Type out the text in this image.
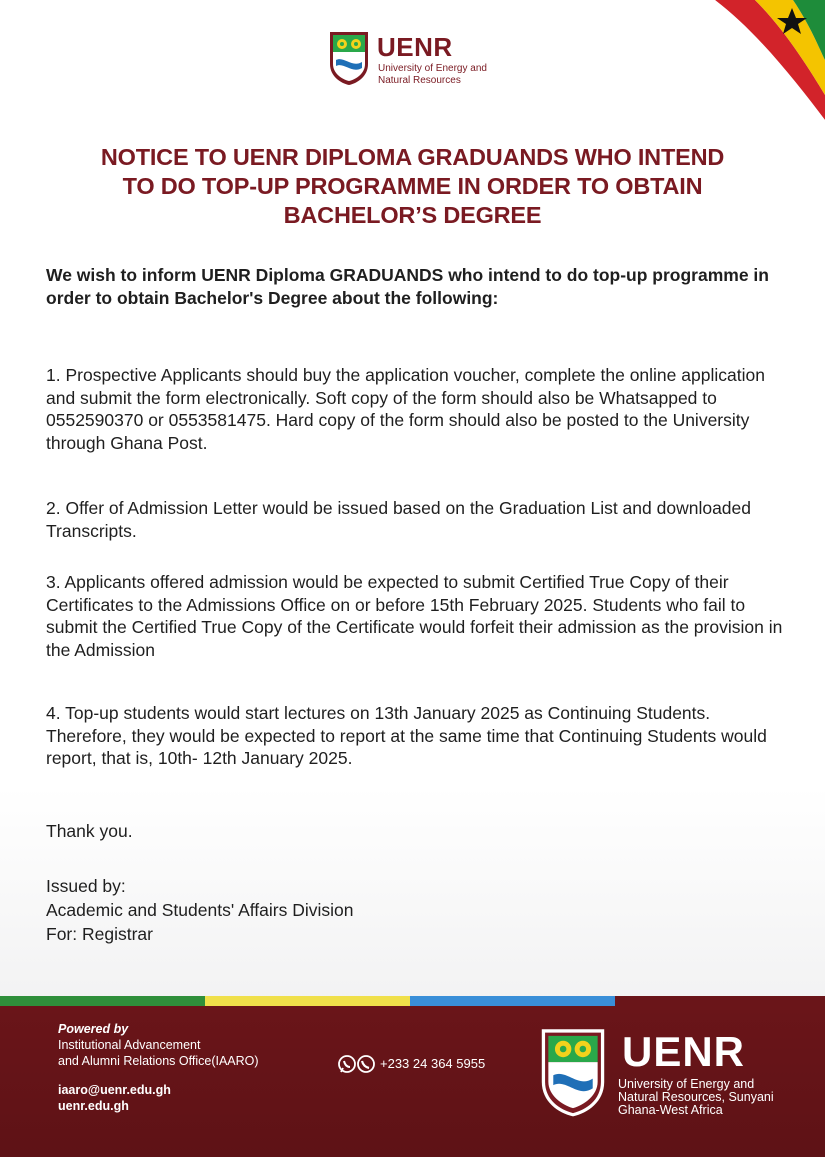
UENR
University of Energy and
Natural Resources
NOTICE TO UENR DIPLOMA GRADUANDS WHO INTEND
TO DO TOP-UP PROGRAMME IN ORDER TO OBTAIN
BACHELOR’S DEGREE
We wish to inform UENR Diploma GRADUANDS who intend to do top-up programme in order to obtain Bachelor's Degree about the following:
1. Prospective Applicants should buy the application voucher, complete the online application and submit the form electronically. Soft copy of the form should also be Whatsapped to 0552590370 or 0553581475. Hard copy of the form should also be posted to the University through Ghana Post.
2. Offer of Admission Letter would be issued based on the Graduation List and downloaded Transcripts.
3. Applicants offered admission would be expected to submit Certified True Copy of their Certificates to the Admissions Office on or before 15th February 2025. Students who fail to submit the Certified True Copy of the Certificate would forfeit their admission as the provision in the Admission
4. Top-up students would start lectures on 13th January 2025 as Continuing Students. Therefore, they would be expected to report at the same time that Continuing Students would report, that is, 10th- 12th January 2025.
Thank you.
Issued by:
Academic and Students' Affairs Division
For: Registrar
Powered by
Institutional Advancement
and Alumni Relations Office(IAARO)
iaaro@uenr.edu.gh
uenr.edu.gh
+233 24 364 5955	UENR
University of Energy and
Natural Resources, Sunyani
Ghana-West Africa
